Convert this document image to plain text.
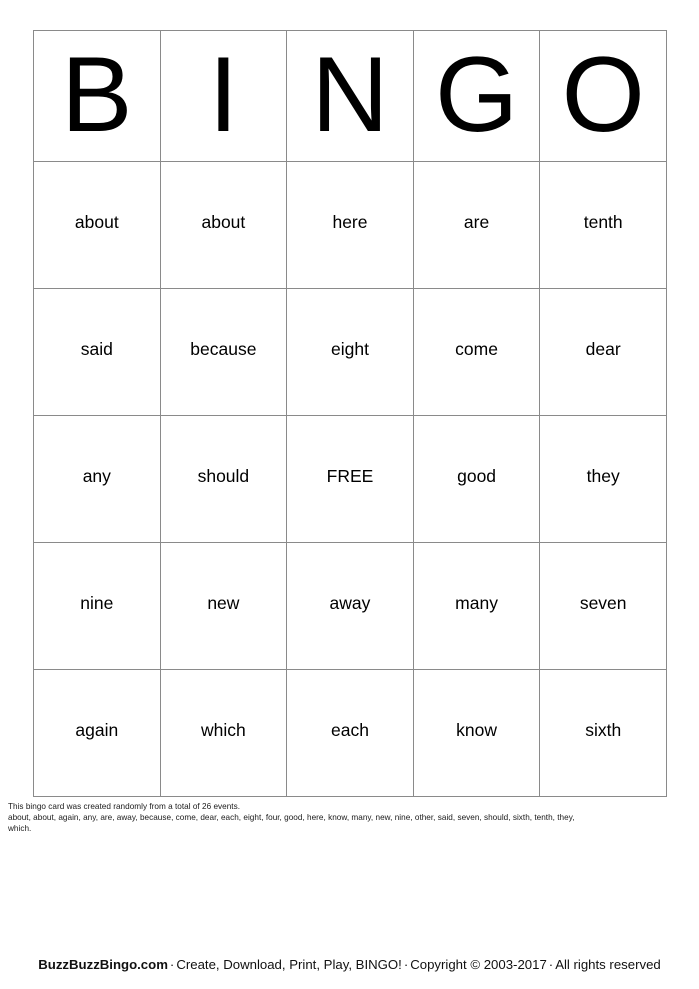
B	I	N	G	O

about	about	here	are	tenth

said	because	eight	come	dear

any	should	FREE	good	they

nine	new	away	many	seven

again	which	each	know	sixth
This bingo card was created randomly from a total of 26 events.
about, about, again, any, are, away, because, come, dear, each, eight, four, good, here, know, many, new, nine, other, said, seven, should, sixth, tenth, they,
which.
BuzzBuzzBingo.com · Create, Download, Print, Play, BINGO! · Copyright © 2003-2017 · All rights reserved
